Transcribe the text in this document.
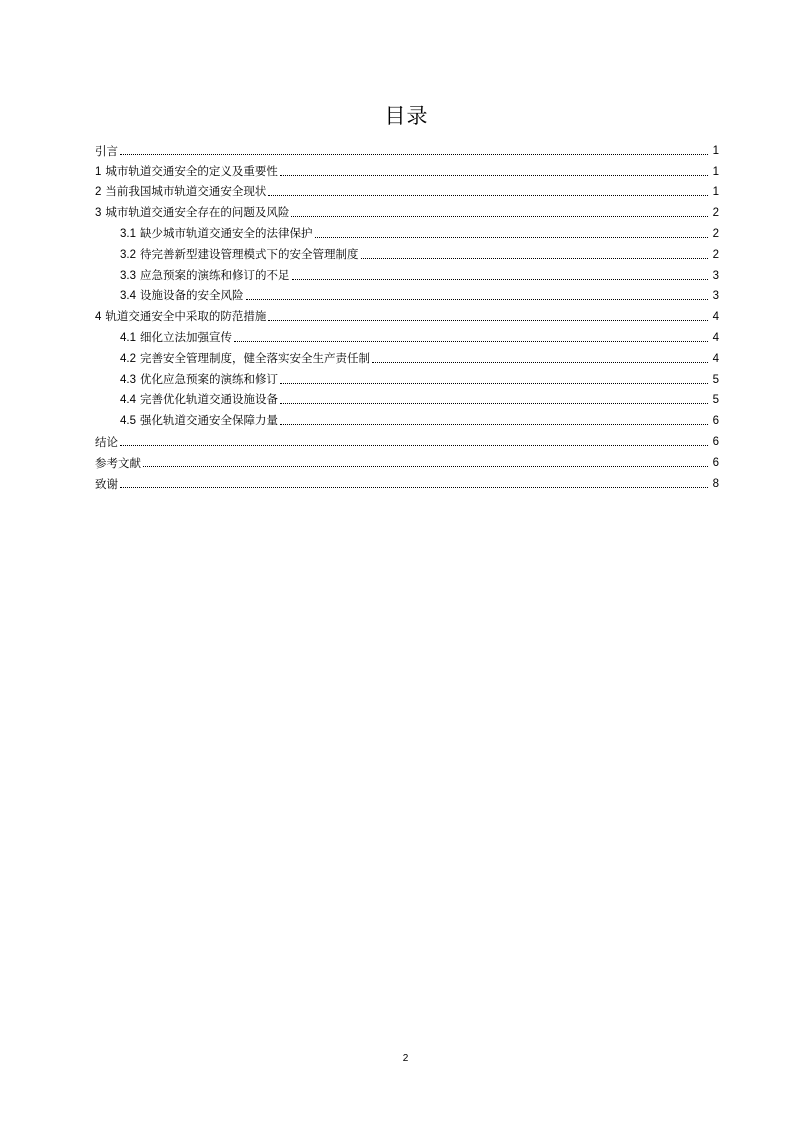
目录
引言	1
1 城市轨道交通安全的定义及重要性	1
2 当前我国城市轨道交通安全现状	1
3 城市轨道交通安全存在的问题及风险	2
3.1 缺少城市轨道交通安全的法律保护	2
3.2 待完善新型建设管理模式下的安全管理制度	2
3.3 应急预案的演练和修订的不足	3
3.4 设施设备的安全风险	3
4 轨道交通安全中采取的防范措施	4
4.1 细化立法加强宣传	4
4.2 完善安全管理制度，健全落实安全生产责任制	4
4.3 优化应急预案的演练和修订	5
4.4 完善优化轨道交通设施设备	5
4.5 强化轨道交通安全保障力量	6
结论	6
参考文献	6
致谢	8
2
